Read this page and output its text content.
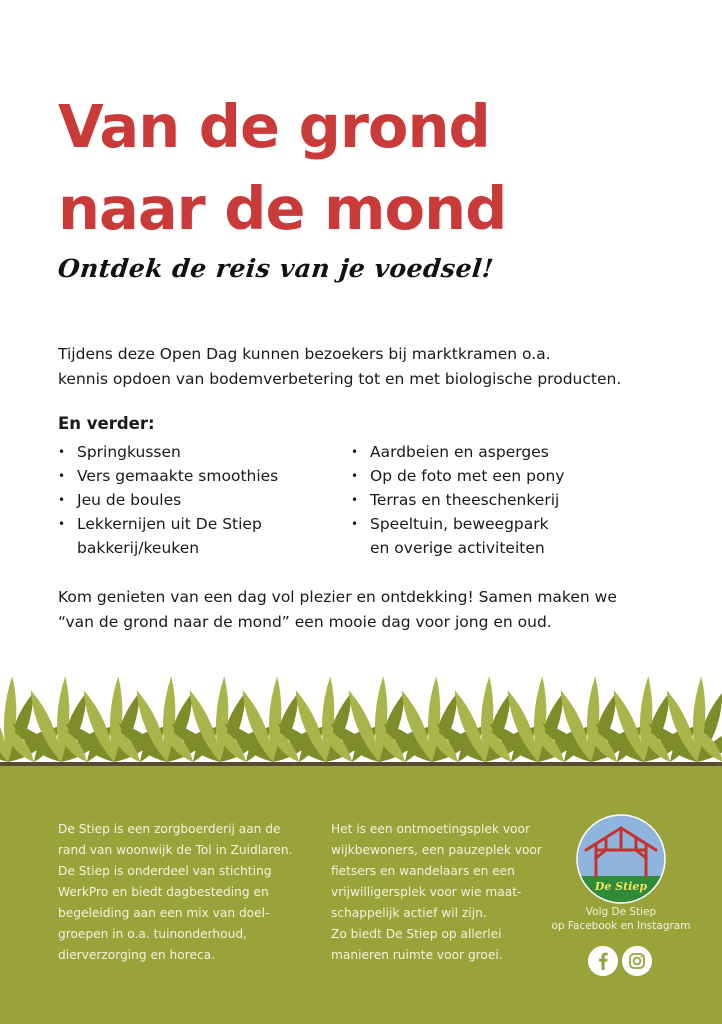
Van de grond
naar de mond
Ontdek de reis van je voedsel!
Tijdens deze Open Dag kunnen bezoekers bij marktkramen o.a.
kennis opdoen van bodemverbetering tot en met biologische producten.
En verder:
• Springkussen
• Vers gemaakte smoothies
• Jeu de boules
• Lekkernijen uit De Stiep
bakkerij/keuken
• Aardbeien en asperges
• Op de foto met een pony
• Terras en theeschenkerij
• Speeltuin, beweegpark
en overige activiteiten
Kom genieten van een dag vol plezier en ontdekking! Samen maken we
“van de grond naar de mond” een mooie dag voor jong en oud.
De Stiep is een zorgboerderij aan de
rand van woonwijk de Tol in Zuidlaren.
De Stiep is onderdeel van stichting
WerkPro en biedt dagbesteding en
begeleiding aan een mix van doel-
groepen in o.a. tuinonderhoud,
dierverzorging en horeca.
Het is een ontmoetingsplek voor
wijkbewoners, een pauzeplek voor
fietsers en wandelaars en een
vrijwilligersplek voor wie maat-
schappelijk actief wil zijn.
Zo biedt De Stiep op allerlei
manieren ruimte voor groei.
De Stiep
Volg De Stiep
op Facebook en Instagram
